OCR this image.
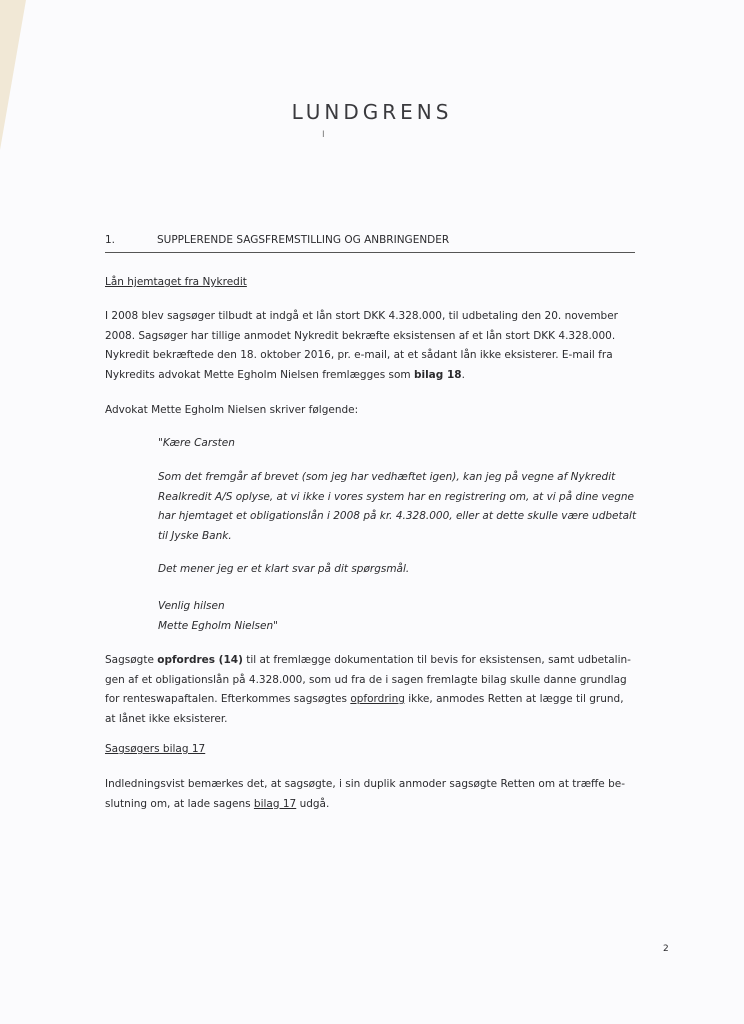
LUNDGRENS
I
1.	SUPPLERENDE SAGSFREMSTILLING OG ANBRINGENDER
Lån hjemtaget fra Nykredit

I 2008 blev sagsøger tilbudt at indgå et lån stort DKK 4.328.000, til udbetaling den 20. november
2008. Sagsøger har tillige anmodet Nykredit bekræfte eksistensen af et lån stort DKK 4.328.000.
Nykredit bekræftede den 18. oktober 2016, pr. e-mail, at et sådant lån ikke eksisterer. E-mail fra
Nykredits advokat Mette Egholm Nielsen fremlægges som bilag 18.

Advokat Mette Egholm Nielsen skriver følgende:

"Kære Carsten

Som det fremgår af brevet (som jeg har vedhæftet igen), kan jeg på vegne af Nykredit
Realkredit A/S oplyse, at vi ikke i vores system har en registrering om, at vi på dine vegne
har hjemtaget et obligationslån i 2008 på kr. 4.328.000, eller at dette skulle være udbetalt
til Jyske Bank.

Det mener jeg er et klart svar på dit spørgsmål.

Venlig hilsen
Mette Egholm Nielsen"

Sagsøgte opfordres (14) til at fremlægge dokumentation til bevis for eksistensen, samt udbetalin-
gen af et obligationslån på 4.328.000, som ud fra de i sagen fremlagte bilag skulle danne grundlag
for renteswapaftalen. Efterkommes sagsøgtes opfordring ikke, anmodes Retten at lægge til grund,
at lånet ikke eksisterer.

Sagsøgers bilag 17

Indledningsvist bemærkes det, at sagsøgte, i sin duplik anmoder sagsøgte Retten om at træffe be-
slutning om, at lade sagens bilag 17 udgå.

2
